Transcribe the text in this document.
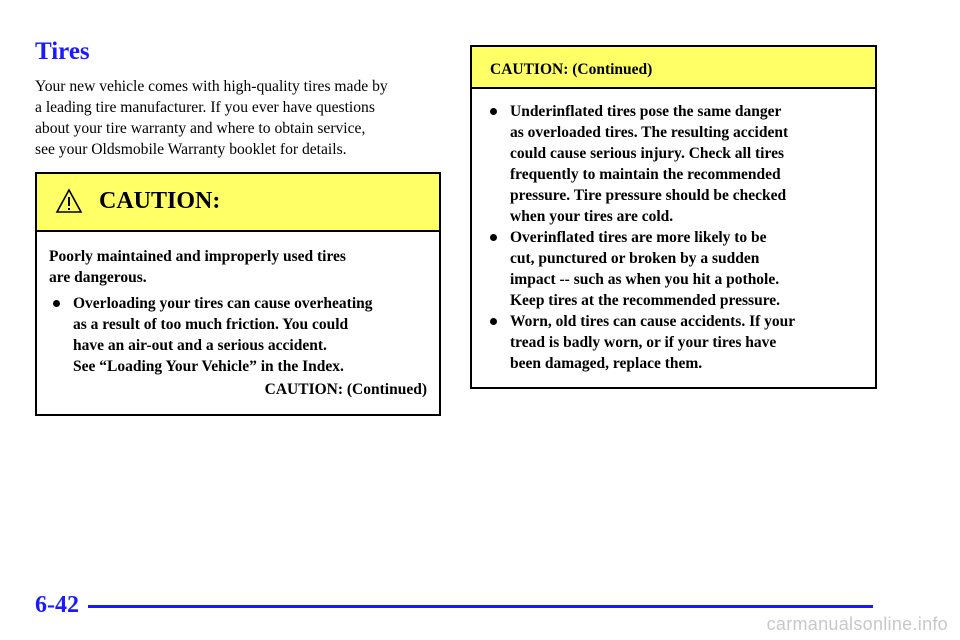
Tires

Your new vehicle comes with high‑quality tires made by
a leading tire manufacturer. If you ever have questions
about your tire warranty and where to obtain service,
see your Oldsmobile Warranty booklet for details.

CAUTION:
Poorly maintained and improperly used tires
are dangerous.
Overloading your tires can cause overheating
as a result of too much friction. You could
have an air-out and a serious accident.
See “Loading Your Vehicle” in the Index.
CAUTION: (Continued)
CAUTION: (Continued)
Underinflated tires pose the same danger
as overloaded tires. The resulting accident
could cause serious injury. Check all tires
frequently to maintain the recommended
pressure. Tire pressure should be checked
when your tires are cold.
Overinflated tires are more likely to be
cut, punctured or broken by a sudden
impact -- such as when you hit a pothole.
Keep tires at the recommended pressure.
Worn, old tires can cause accidents. If your
tread is badly worn, or if your tires have
been damaged, replace them.
6-42
carmanualsonline.info
